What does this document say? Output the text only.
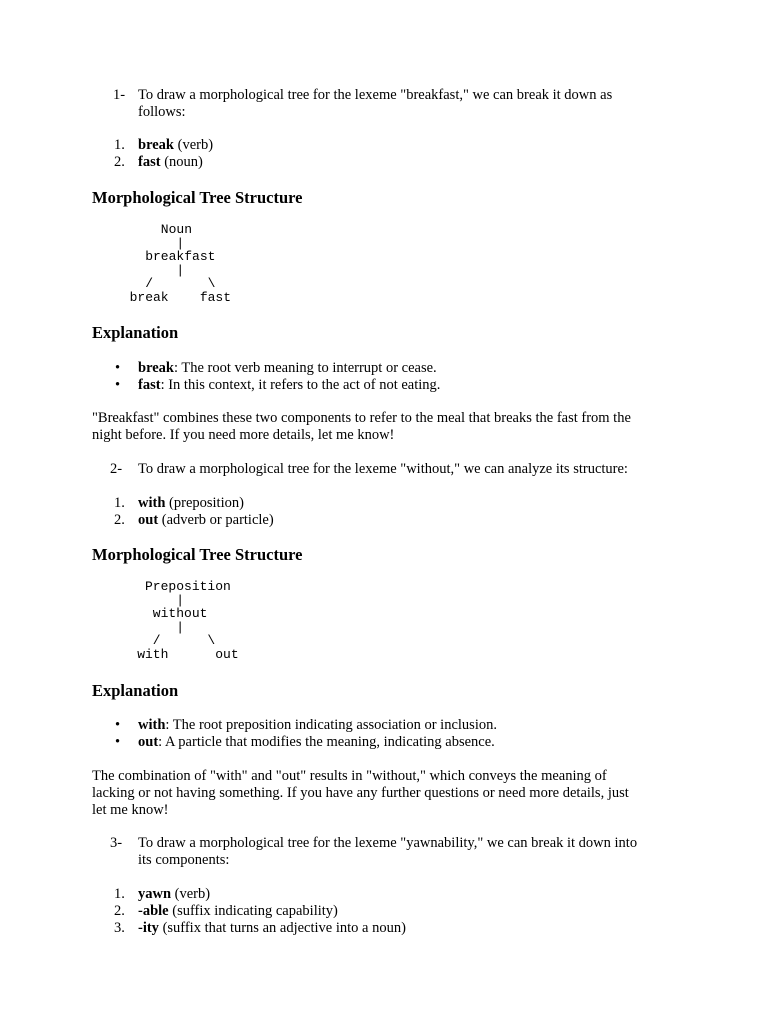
1- To draw a morphological tree for the lexeme "breakfast," we can break it down as
follows:
1. break (verb)
2. fast (noun)
Morphological Tree Structure
Noun
|
breakfast
|
/       \
break    fast
Explanation
• break: The root verb meaning to interrupt or cease.
• fast: In this context, it refers to the act of not eating.
"Breakfast" combines these two components to refer to the meal that breaks the fast from the
night before. If you need more details, let me know!
2- To draw a morphological tree for the lexeme "without," we can analyze its structure:
1. with (preposition)
2. out (adverb or particle)
Morphological Tree Structure
Preposition
|
without
|
/      \
with      out
Explanation
• with: The root preposition indicating association or inclusion.
• out: A particle that modifies the meaning, indicating absence.
The combination of "with" and "out" results in "without," which conveys the meaning of
lacking or not having something. If you have any further questions or need more details, just
let me know!
3- To draw a morphological tree for the lexeme "yawnability," we can break it down into
its components:
1. yawn (verb)
2. -able (suffix indicating capability)
3. -ity (suffix that turns an adjective into a noun)
